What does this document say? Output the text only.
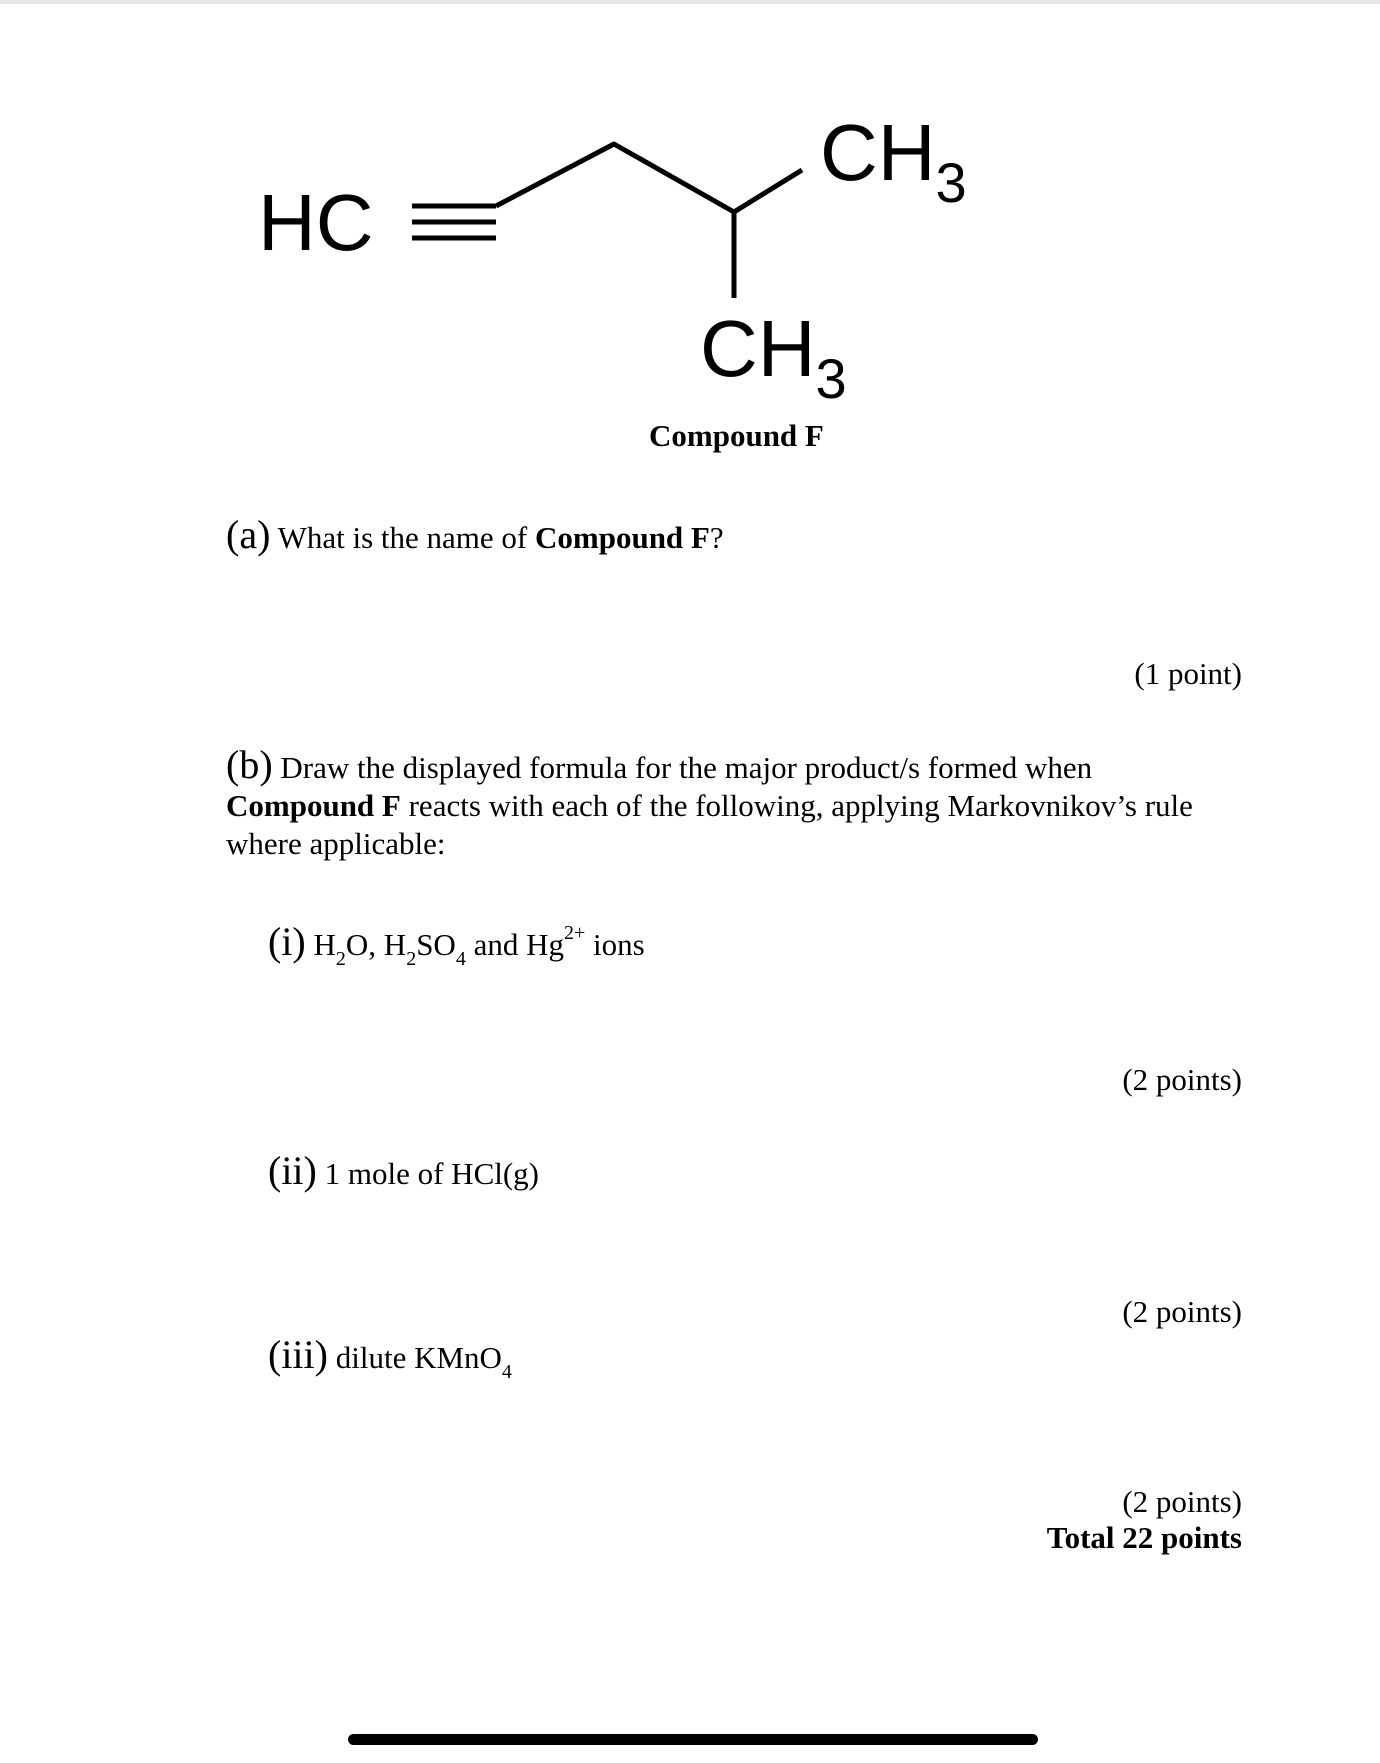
HC
$CH_3$
$CH_3$
Compound F
(a) What is the name of Compound F?
(1 point)
(b) Draw the displayed formula for the major product/s formed when Compound F reacts with each of the following, applying Markovnikov’s rule where applicable:
(i) $H_2O$, $H_2SO_4$ and $Hg^{2+}$ ions
(2 points)
(ii) 1 mole of HCl(g)
(2 points)
(iii) dilute KMnO$_4$
(2 points)
Total 22 points
